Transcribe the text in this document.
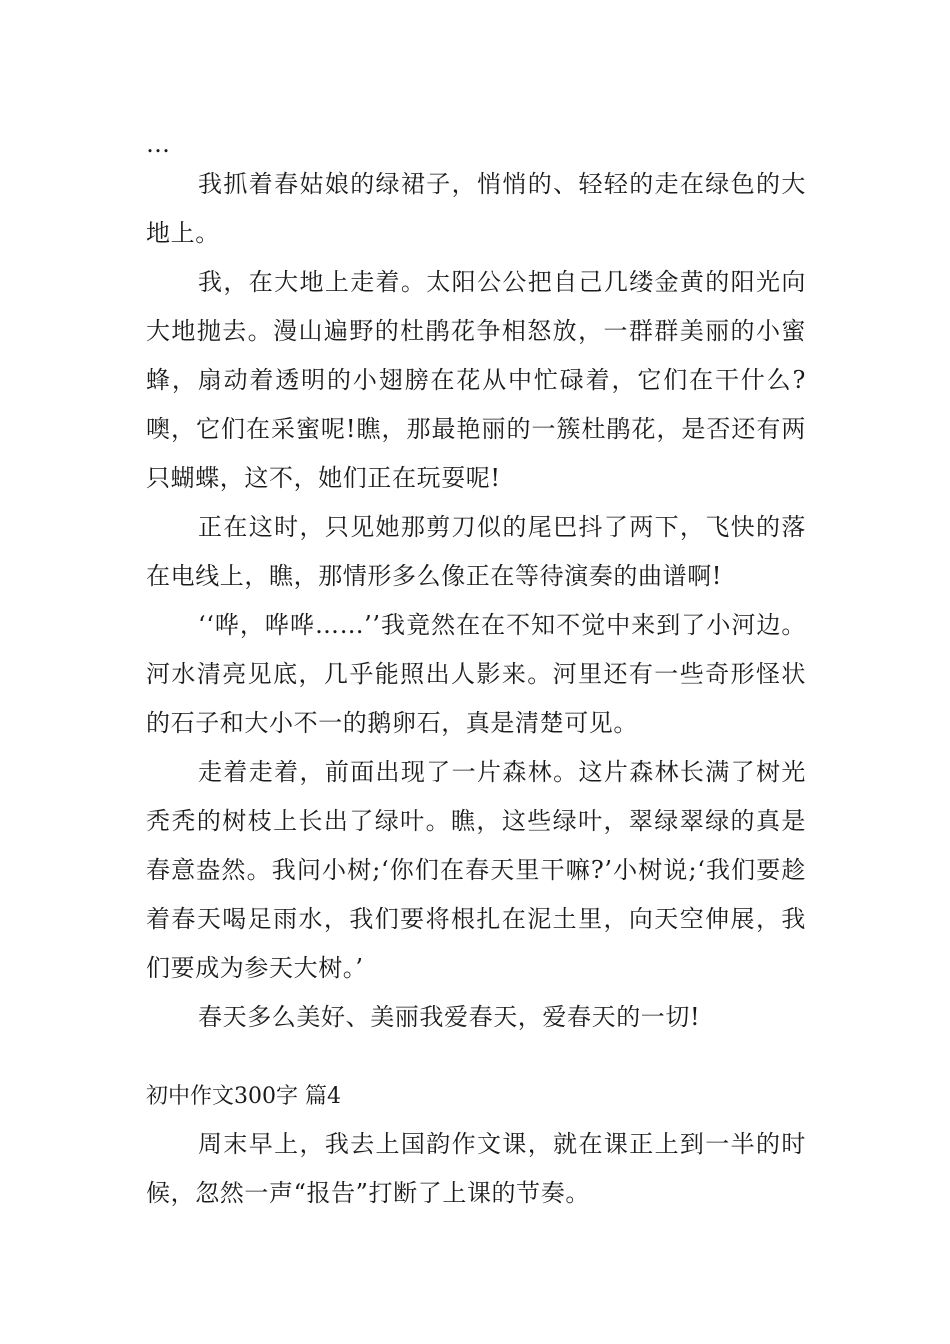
…

我抓着春姑娘的绿裙子，悄悄的、轻轻的走在绿色的大地上。

我，在大地上走着。太阳公公把自己几缕金黄的阳光向大地抛去。漫山遍野的杜鹃花争相怒放，一群群美丽的小蜜蜂，扇动着透明的小翅膀在花从中忙碌着，它们在干什么?噢，它们在采蜜呢!瞧，那最艳丽的一簇杜鹃花，是否还有两只蝴蝶，这不，她们正在玩耍呢!

正在这时，只见她那剪刀似的尾巴抖了两下，飞快的落在电线上，瞧，那情形多么像正在等待演奏的曲谱啊!

‘‘哗，哗哗……’’我竟然在在不知不觉中来到了小河边。河水清亮见底，几乎能照出人影来。河里还有一些奇形怪状的石子和大小不一的鹅卵石，真是清楚可见。

走着走着，前面出现了一片森林。这片森林长满了树光秃秃的树枝上长出了绿叶。瞧，这些绿叶，翠绿翠绿的真是春意盎然。我问小树;‘你们在春天里干嘛?’小树说;‘我们要趁着春天喝足雨水，我们要将根扎在泥土里，向天空伸展，我们要成为参天大树。’

春天多么美好、美丽我爱春天，爱春天的一切!

初中作文300字 篇4

周末早上，我去上国韵作文课，就在课正上到一半的时候，忽然一声“报告”打断了上课的节奏。
